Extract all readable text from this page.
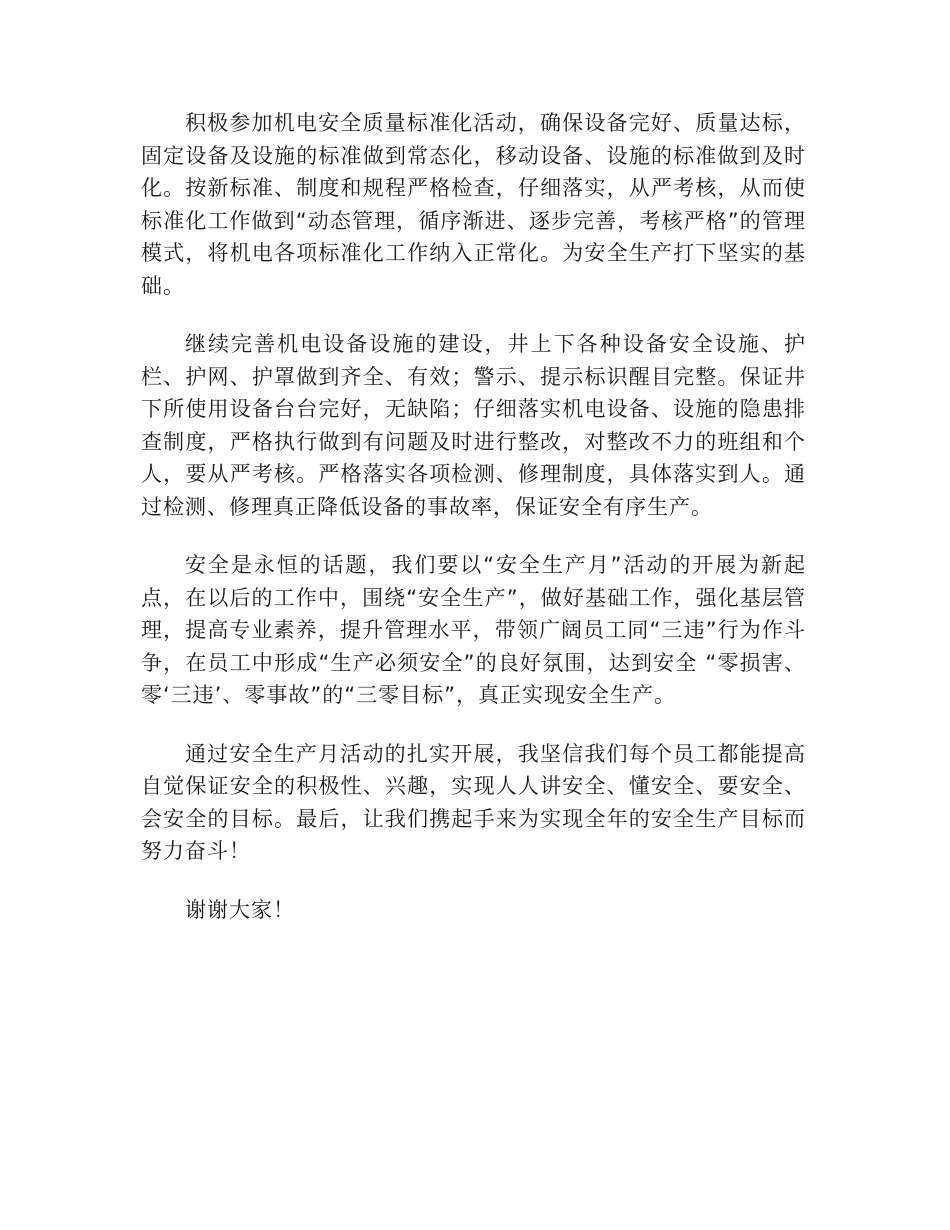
积极参加机电安全质量标准化活动，确保设备完好、质量达标，固定设备及设施的标准做到常态化，移动设备、设施的标准做到及时化。按新标准、制度和规程严格检查，仔细落实，从严考核，从而使标准化工作做到“动态管理，循序渐进、逐步完善，考核严格”的管理模式，将机电各项标准化工作纳入正常化。为安全生产打下坚实的基础。

继续完善机电设备设施的建设，井上下各种设备安全设施、护栏、护网、护罩做到齐全、有效；警示、提示标识醒目完整。保证井下所使用设备台台完好，无缺陷；仔细落实机电设备、设施的隐患排查制度，严格执行做到有问题及时进行整改，对整改不力的班组和个人，要从严考核。严格落实各项检测、修理制度，具体落实到人。通过检测、修理真正降低设备的事故率，保证安全有序生产。

安全是永恒的话题，我们要以“安全生产月”活动的开展为新起点，在以后的工作中，围绕“安全生产”，做好基础工作，强化基层管理，提高专业素养，提升管理水平，带领广阔员工同“三违”行为作斗争，在员工中形成“生产必须安全”的良好氛围，达到安全 “零损害、零‘三违’、零事故”的“三零目标”，真正实现安全生产。

通过安全生产月活动的扎实开展，我坚信我们每个员工都能提高自觉保证安全的积极性、兴趣，实现人人讲安全、懂安全、要安全、会安全的目标。最后，让我们携起手来为实现全年的安全生产目标而努力奋斗！

谢谢大家！
